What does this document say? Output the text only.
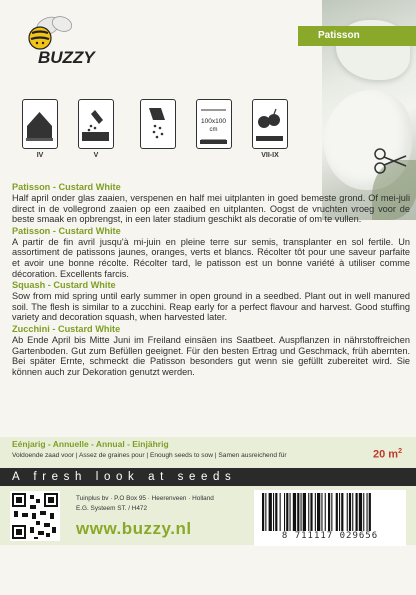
BUZZY
Patisson
IV	V
100x100
cm
VII-IX
Patisson - Custard White
Half april onder glas zaaien, verspenen en half mei uitplanten in goed bemeste grond. Of mei-juli direct in de vollegrond zaaien op een zaaibed en uitplanten. Oogst de vruchten vroeg voor de beste smaak en opbrengst, in een later stadium geschikt als decoratie of om te vullen.
Patisson - Custard White
A partir de fin avril jusqu'à mi-juin en pleine terre sur semis, transplanter en sol fertile. Un assortiment de patissons jaunes, oranges, verts et blancs. Récolter tôt pour une saveur parfaite et avoir une bonne récolte. Récolter tard, le patisson est un bonne variété à utiliser comme décoration. Excellents farcis.
Squash - Custard White
Sow from mid spring until early summer in open ground in a seedbed. Plant out in well manured soil. The flesh is similar to a zucchini. Reap early for a perfect flavour and harvest. Good stuffing variety and decoration squash, when harvested later.
Zucchini - Custard White
Ab Ende April bis Mitte Juni im Freiland einsäen ins Saatbeet. Auspflanzen in nährstoffreichen Gartenboden. Gut zum Befüllen geeignet. Für den besten Ertrag und Geschmack, früh abernten. Bei später Ernte, schmeckt die Patisson besonders gut wenn sie gefüllt zubereitet wird. Sie können auch zur Dekoration genutzt werden.
Eénjarig - Annuelle - Annual - Einjährig
Voldoende zaad voor | Assez de graines pour | Enough seeds to sow | Samen ausreichend für	20 $m^2$
A fresh look at seeds
Tuinplus bv · P.O Box 95 · Heerenveen · Holland
E.G. Systeem ST. / H472
www.buzzy.nl	8 711117 029656
